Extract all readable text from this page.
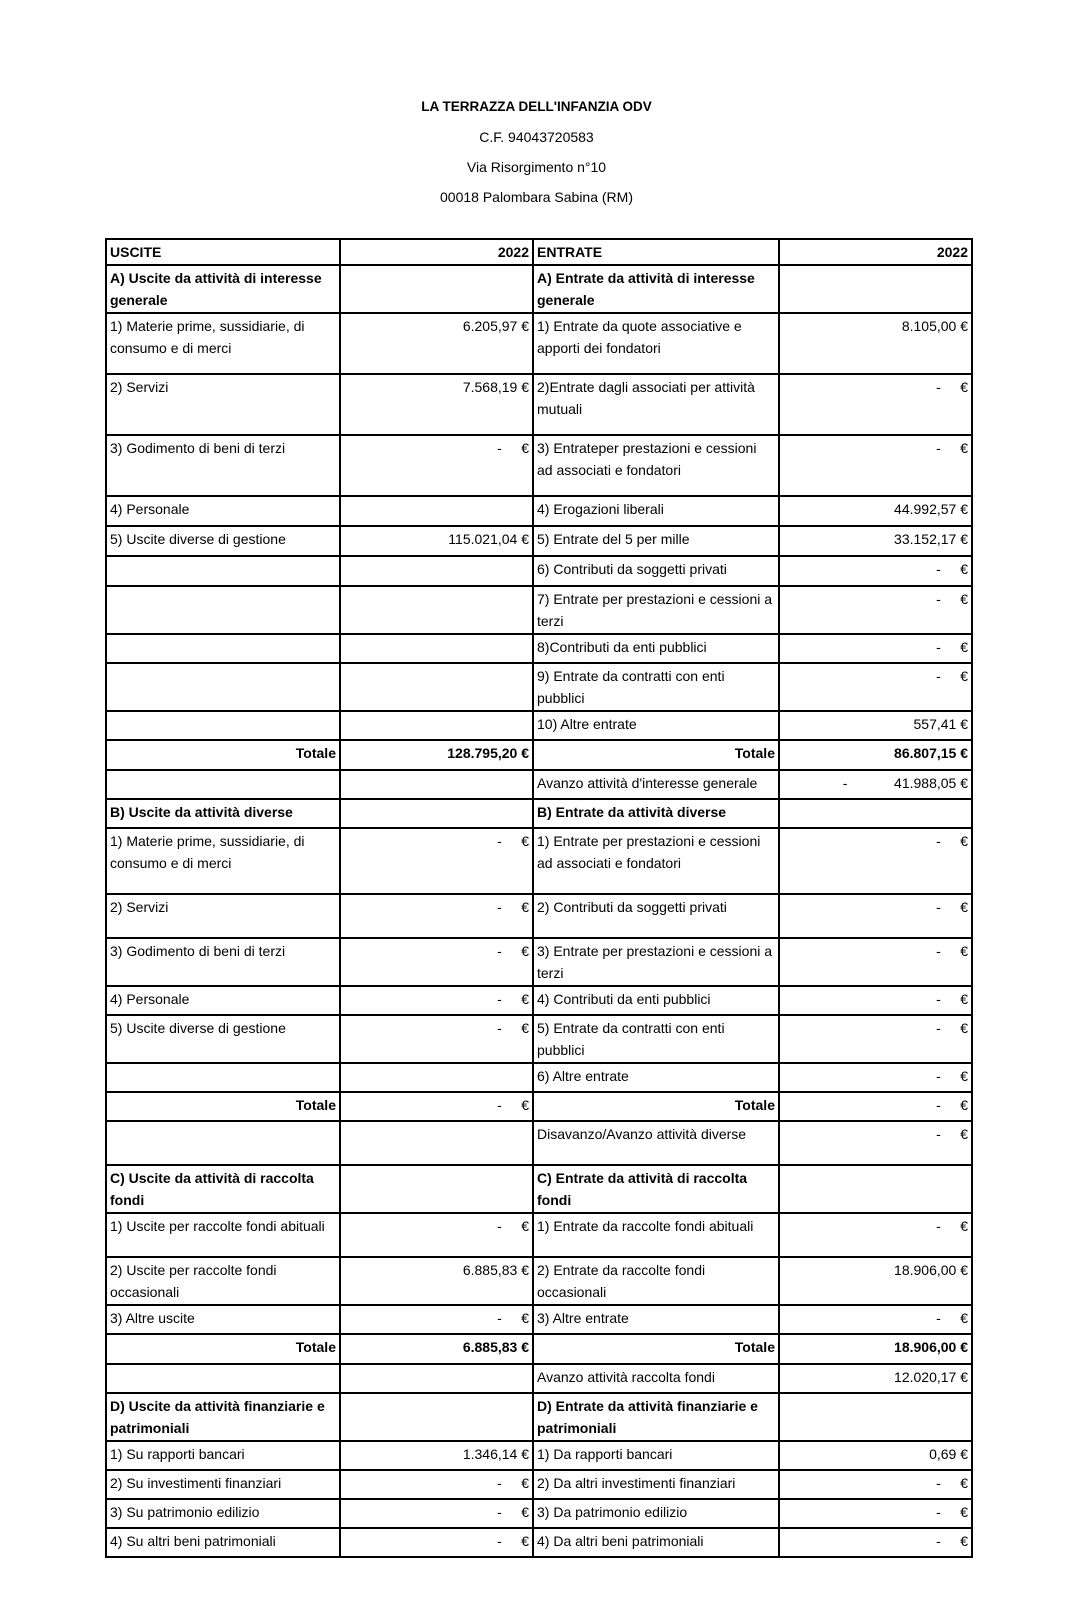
LA TERRAZZA DELL'INFANZIA ODV
C.F. 94043720583
Via Risorgimento n°10
00018 Palombara Sabina (RM)
USCITE	2022	ENTRATE	2022
A) Uscite da attività di interesse generale		A) Entrate da attività di interesse generale	
1) Materie prime, sussidiarie, di consumo e di merci	6.205,97 €	1) Entrate da quote associative e apporti dei fondatori	8.105,00 €
2) Servizi	7.568,19 €	2)Entrate dagli associati per attività mutuali	-     €
3) Godimento di beni di terzi	-     €	3) Entrateper prestazioni e cessioni ad associati e fondatori	-     €
4) Personale		4) Erogazioni liberali	44.992,57 €
5) Uscite diverse di gestione	115.021,04 €	5) Entrate del 5 per mille	33.152,17 €
		6) Contributi da soggetti privati	-     €
		7) Entrate per prestazioni e cessioni a terzi	-     €
		8)Contributi da enti pubblici	-     €
		9) Entrate da contratti con enti pubblici	-     €
		10) Altre entrate	557,41 €
Totale	128.795,20 €	Totale	86.807,15 €
		Avanzo attività d'interesse generale	-            41.988,05 €
B) Uscite da attività diverse		B) Entrate da attività diverse	
1) Materie prime, sussidiarie, di consumo e di merci	-     €	1) Entrate per prestazioni e cessioni ad associati e fondatori	-     €
2) Servizi	-     €	2) Contributi da soggetti privati	-     €
3) Godimento di beni di terzi	-     €	3) Entrate per prestazioni e cessioni a terzi	-     €
4) Personale	-     €	4) Contributi da enti pubblici	-     €
5) Uscite diverse di gestione	-     €	5) Entrate da contratti con enti pubblici	-     €
		6) Altre entrate	-     €
Totale	-     €	Totale	-     €
		Disavanzo/Avanzo attività diverse	-     €
C) Uscite da attività di raccolta fondi		C) Entrate da attività di raccolta fondi	
1) Uscite per raccolte fondi abituali	-     €	1) Entrate da raccolte fondi abituali	-     €
2) Uscite per raccolte fondi occasionali	6.885,83 €	2) Entrate da raccolte fondi occasionali	18.906,00 €
3) Altre uscite	-     €	3) Altre entrate	-     €
Totale	6.885,83 €	Totale	18.906,00 €
		Avanzo attività raccolta fondi	12.020,17 €
D) Uscite da attività finanziarie e patrimoniali		D) Entrate da attività finanziarie e patrimoniali	
1) Su rapporti bancari	1.346,14 €	1) Da rapporti bancari	0,69 €
2) Su investimenti finanziari	-     €	2) Da altri investimenti finanziari	-     €
3) Su patrimonio edilizio	-     €	3) Da patrimonio edilizio	-     €
4) Su altri beni patrimoniali	-     €	4) Da altri beni patrimoniali	-     €
